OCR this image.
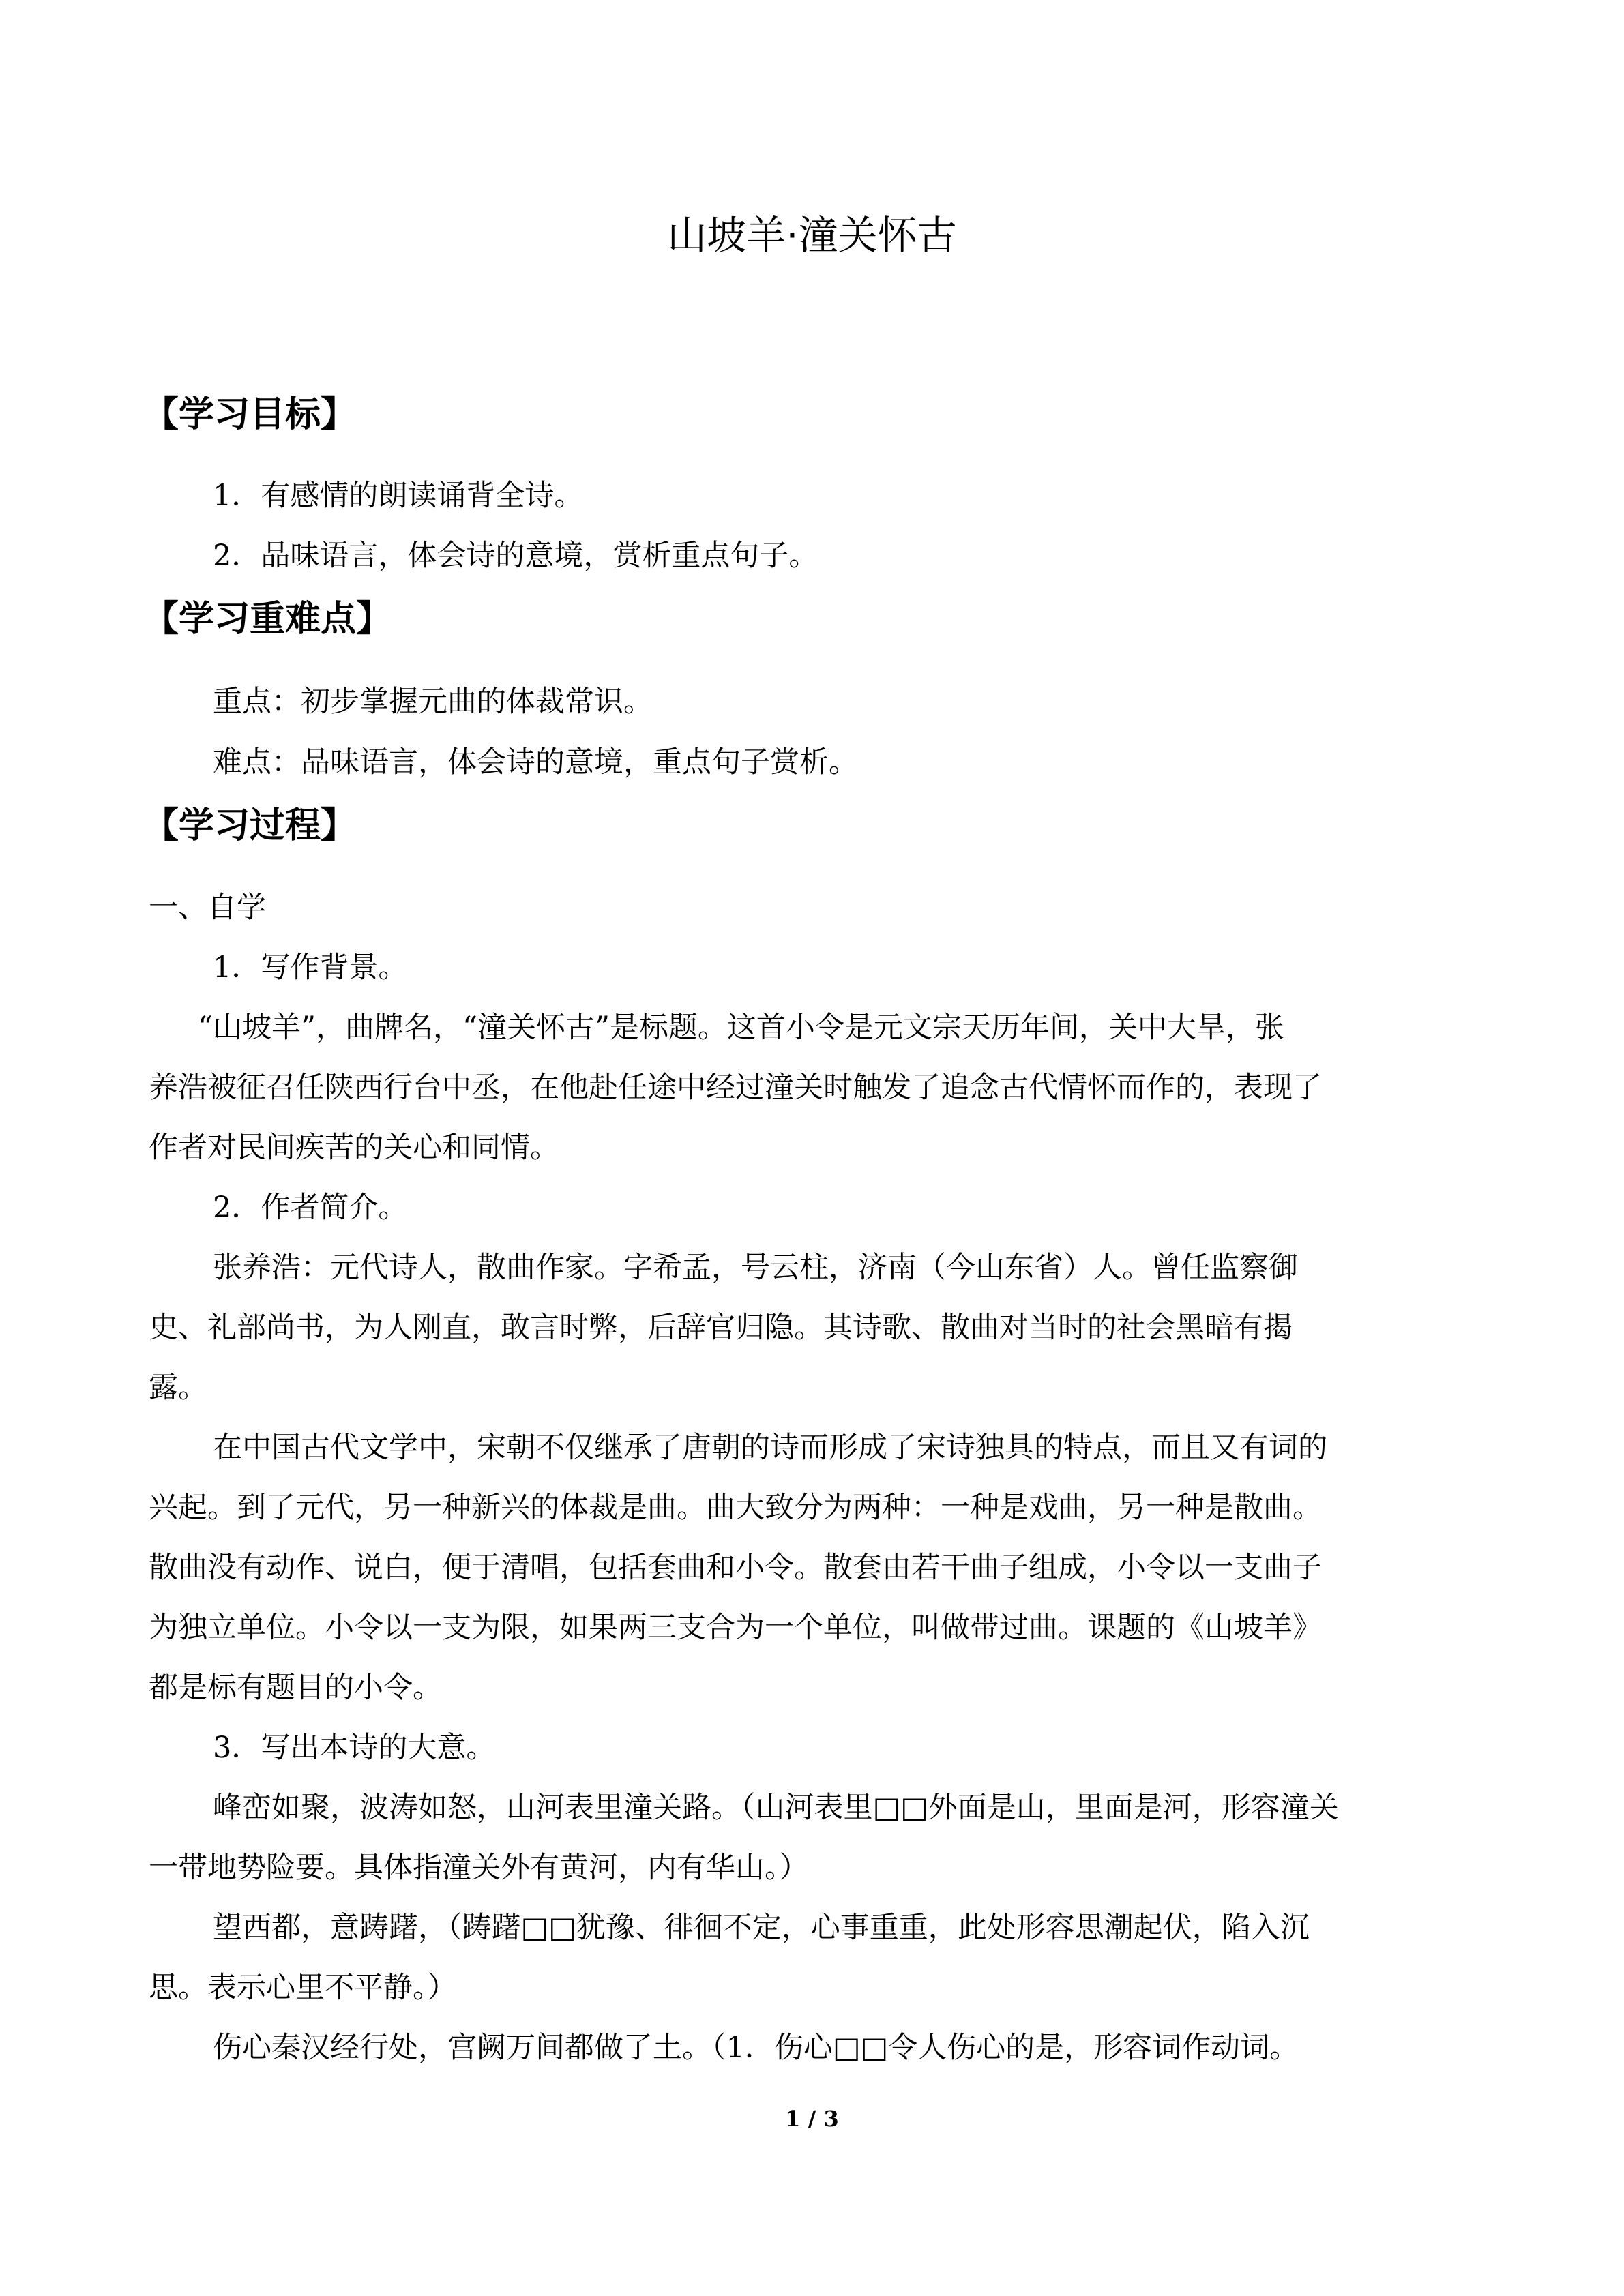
山坡羊·潼关怀古
【学习目标】
1．有感情的朗读诵背全诗。
2．品味语言，体会诗的意境，赏析重点句子。
【学习重难点】
重点：初步掌握元曲的体裁常识。
难点：品味语言，体会诗的意境，重点句子赏析。
【学习过程】
一、自学
1．写作背景。
“山坡羊”，曲牌名，“潼关怀古”是标题。这首小令是元文宗天历年间，关中大旱，张
养浩被征召任陕西行台中丞，在他赴任途中经过潼关时触发了追念古代情怀而作的，表现了
作者对民间疾苦的关心和同情。
2．作者简介。
张养浩：元代诗人，散曲作家。字希孟，号云柱，济南（今山东省）人。曾任监察御
史、礼部尚书，为人刚直，敢言时弊，后辞官归隐。其诗歌、散曲对当时的社会黑暗有揭
露。
在中国古代文学中，宋朝不仅继承了唐朝的诗而形成了宋诗独具的特点，而且又有词的
兴起。到了元代，另一种新兴的体裁是曲。曲大致分为两种：一种是戏曲，另一种是散曲。
散曲没有动作、说白，便于清唱，包括套曲和小令。散套由若干曲子组成，小令以一支曲子
为独立单位。小令以一支为限，如果两三支合为一个单位，叫做带过曲。课题的《山坡羊》
都是标有题目的小令。
3．写出本诗的大意。
峰峦如聚，波涛如怒，山河表里潼关路。（山河表里□□外面是山，里面是河，形容潼关
一带地势险要。具体指潼关外有黄河，内有华山。）
望西都，意踌躇，（踌躇□□犹豫、徘徊不定，心事重重，此处形容思潮起伏，陷入沉
思。表示心里不平静。）
伤心秦汉经行处，宫阙万间都做了土。（1．伤心□□令人伤心的是，形容词作动词。
1 / 3
